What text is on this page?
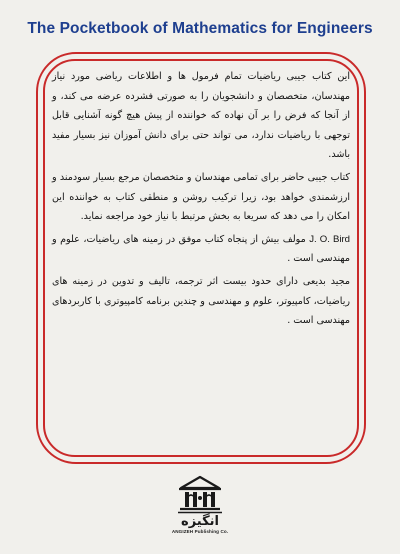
The Pocketbook of Mathematics for Engineers

این کتاب جیبی ریاضیات تمام فرمول ها و اطلاعات ریاضی مورد نیاز مهندسان، متخصصان و دانشجویان را به صورتی فشرده عرضه می کند، و از آنجا که فرض را بر آن نهاده که خواننده از پیش هیچ گونه آشنایی قابل توجهی با ریاضیات ندارد، می تواند حتی برای دانش آموزان نیز بسیار مفید باشد.

کتاب جیبی حاضر برای تمامی مهندسان و متخصصان مرجع بسیار سودمند و ارزشمندی خواهد بود، زیرا ترکیب روشن و منطقی کتاب به خواننده این امکان را می دهد که سریعا به بخش مرتبط با نیاز خود مراجعه نماید.

J. O. Bird مولف بیش از پنجاه کتاب موفق در زمینه های ریاضیات، علوم و مهندسی است .

مجید بدیعی دارای حدود بیست اثر ترجمه، تالیف و تدوین در زمینه های ریاضیات، کامپیوتر، علوم و مهندسی و چندین برنامه کامپیوتری با کاربردهای مهندسی است .

انگیزه
ANGIZEH Publishing Co.
